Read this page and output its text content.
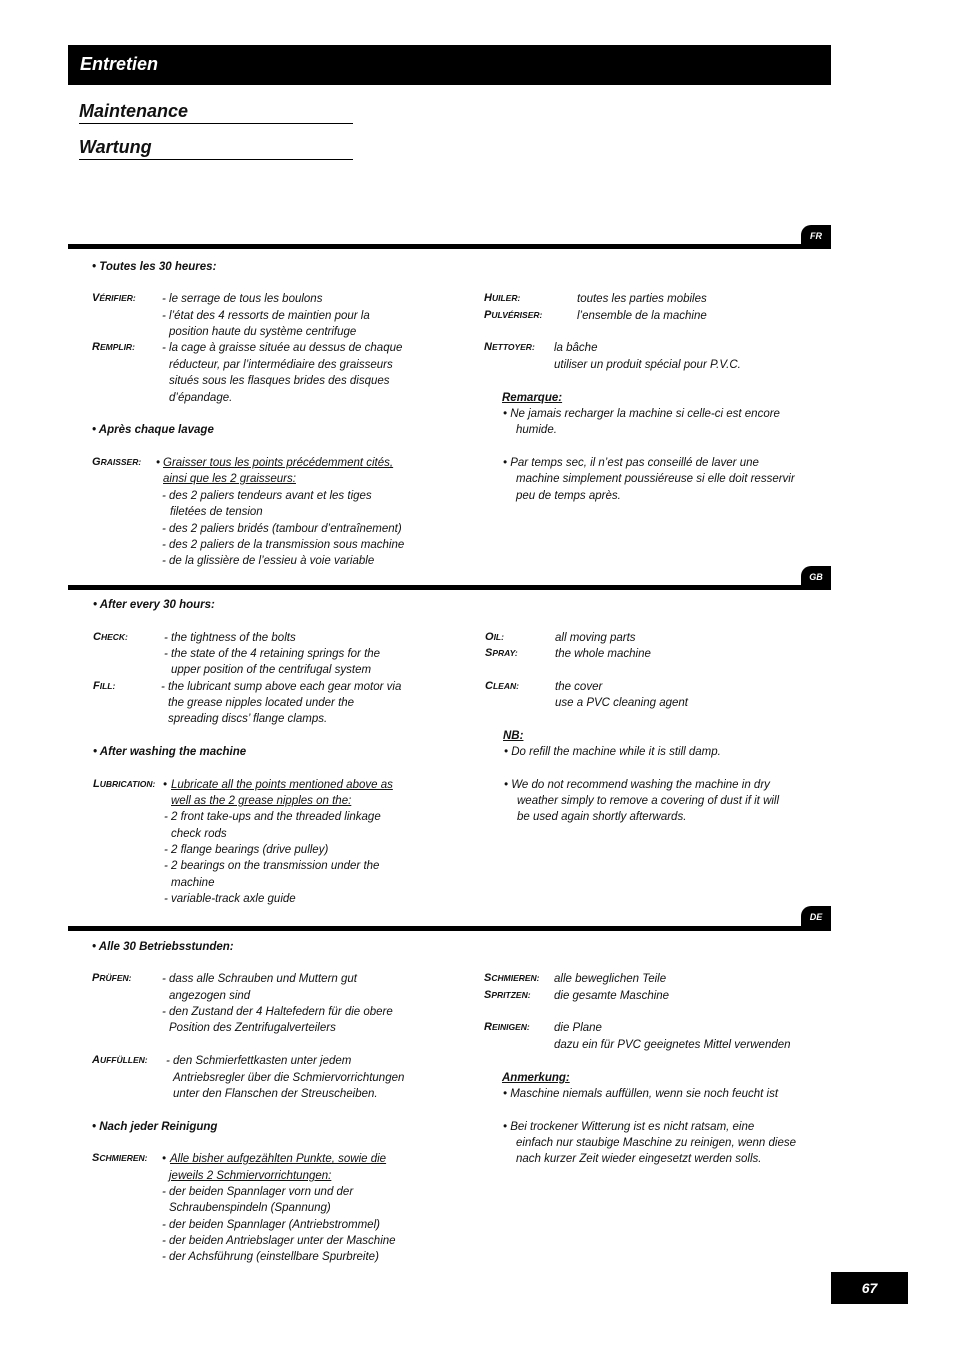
Entretien
Maintenance
Wartung
FR
• Toutes les 30 heures:
VÉRIFIER: - le serrage de tous les boulons
- l’état des 4 ressorts de maintien pour la
position haute du système centrifuge
REMPLIR: - la cage à graisse située au dessus de chaque
réducteur, par l’intermédiaire des graisseurs
situés sous les flasques brides des disques
d’épandage.
• Après chaque lavage
GRAISSER: • Graisser tous les points précédemment cités,
ainsi que les 2 graisseurs:
- des 2 paliers tendeurs avant et les tiges
filetées de tension
- des 2 paliers bridés (tambour d’entraînement)
- des 2 paliers de la transmission sous machine
- de la glissière de l’essieu à voie variable
HUILER:	toutes les parties mobiles
PULVÉRISER:	l’ensemble de la machine
NETTOYER: la bâche
utiliser un produit spécial pour P.V.C.
Remarque:
• Ne jamais recharger la machine si celle-ci est encore
humide.
• Par temps sec, il n’est pas conseillé de laver une
machine simplement poussiéreuse si elle doit resservir
peu de temps après.
GB
• After every 30 hours:
CHECK:	- the tightness of the bolts
- the state of the 4 retaining springs for the
upper position of the centrifugal system
FILL:	- the lubricant sump above each gear motor via
the grease nipples located under the
spreading discs’ flange clamps.
• After washing the machine
LUBRICATION: • Lubricate all the points mentioned above as
well as the 2 grease nipples on the:
- 2 front take-ups and the threaded linkage
check rods
- 2 flange bearings (drive pulley)
- 2 bearings on the transmission under the
machine
- variable-track axle guide
OIL:	all moving parts
SPRAY:	the whole machine
CLEAN:	the cover
use a PVC cleaning agent
NB:
• Do refill the machine while it is still damp.
• We do not recommend washing the machine in dry
weather simply to remove a covering of dust if it will
be used again shortly afterwards.
DE
• Alle 30 Betriebsstunden:
PRÜFEN:	- dass alle Schrauben und Muttern gut
angezogen sind
- den Zustand der 4 Haltefedern für die obere
Position des Zentrifugalverteilers
AUFFÜLLEN: - den Schmierfettkasten unter jedem
Antriebsregler über die Schmiervorrichtungen
unter den Flanschen der Streuscheiben.
• Nach jeder Reinigung
SCHMIEREN: • Alle bisher aufgezählten Punkte, sowie die
jeweils 2 Schmiervorrichtungen:
- der beiden Spannlager vorn und der
Schraubenspindeln (Spannung)
- der beiden Spannlager (Antriebstrommel)
- der beiden Antriebslager unter der Maschine
- der Achsführung (einstellbare Spurbreite)
SCHMIEREN: alle beweglichen Teile
SPRITZEN: die gesamte Maschine
REINIGEN: die Plane
dazu ein für PVC geeignetes Mittel verwenden
Anmerkung:
• Maschine niemals auffüllen, wenn sie noch feucht ist
• Bei trockener Witterung ist es nicht ratsam, eine
einfach nur staubige Maschine zu reinigen, wenn diese
nach kurzer Zeit wieder eingesetzt werden solls.
67
